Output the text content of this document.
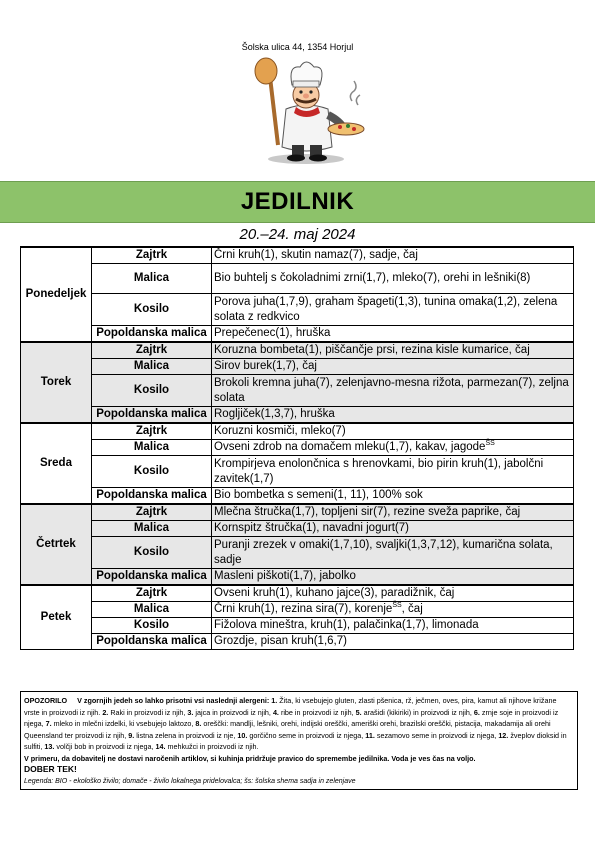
Šolska ulica 44, 1354 Horjul
JEDILNIK
20.–24. maj 2024
Ponedeljek	Zajtrk	Črni kruh(1), skutin namaz(7), sadje, čaj
	Malica	Bio buhtelj s čokoladnimi zrni(1,7), mleko(7), orehi in lešniki(8)
	Kosilo	Porova juha(1,7,9), graham špageti(1,3), tunina omaka(1,2), zelena solata z redkvico
	Popoldanska malica	Prepečenec(1), hruška
Torek	Zajtrk	Koruzna bombeta(1), piščančje prsi, rezina kisle kumarice, čaj
	Malica	Sirov burek(1,7), čaj
	Kosilo	Brokoli kremna juha(7), zelenjavno-mesna rižota, parmezan(7), zeljna solata
	Popoldanska malica	Rogljiček(1,3,7), hruška
Sreda	Zajtrk	Koruzni kosmiči, mleko(7)
	Malica	Ovseni zdrob na domačem mleku(1,7), kakav, jagode$^{ŠS}$
	Kosilo	Krompirjeva enolončnica s hrenovkami, bio pirin kruh(1), jabolčni zavitek(1,7)
	Popoldanska malica	Bio bombetka s semeni(1, 11), 100% sok
Četrtek	Zajtrk	Mlečna štručka(1,7), topljeni sir(7), rezine sveža paprike, čaj
	Malica	Kornspitz štručka(1), navadni jogurt(7)
	Kosilo	Puranji zrezek v omaki(1,7,10), svaljki(1,3,7,12), kumarična solata, sadje
	Popoldanska malica	Masleni piškoti(1,7), jabolko
Petek	Zajtrk	Ovseni kruh(1), kuhano jajce(3), paradižnik, čaj
	Malica	Črni kruh(1), rezina sira(7), korenje$^{ŠS}$, čaj
	Kosilo	Fižolova mineštra, kruh(1), palačinka(1,7), limonada
	Popoldanska malica	Grozdje, pisan kruh(1,6,7)
OPOZORILO V zgornjih jedeh so lahko prisotni vsi naslednji alergeni: 1. Žita, ki vsebujejo gluten, zlasti pšenica, rž, ječmen, oves, pira, kamut ali njihove križane vrste in proizvodi iz njih. 2. Raki in proizvodi iz njih, 3. jajca in proizvodi iz njih, 4. ribe in proizvodi iz njih, 5. arašidi (kikiriki) in proizvodi iz njih, 6. zrnje soje in proizvodi iz njega, 7. mleko in mlečni izdelki, ki vsebujejo laktozo, 8. oreščki: mandlji, lešniki, orehi, indijski oreščki, ameriški orehi, brazilski oreščki, pistacija, makadamija ali orehi Queensland ter proizvodi iz njih, 9. listna zelena in proizvodi iz nje, 10. gorčično seme in proizvodi iz njega, 11. sezamovo seme in proizvodi iz njega, 12. žveplov dioksid in sulfiti, 13. volčji bob in proizvodi iz njega, 14. mehkužci in proizvodi iz njih.
V primeru, da dobavitelj ne dostavi naročenih artiklov, si kuhinja pridržuje pravico do spremembe jedilnika. Voda je ves čas na voljo.
DOBER TEK!
Legenda: BIO - ekološko živilo; domače - živilo lokalnega pridelovalca; šs: šolska shema sadja in zelenjave
